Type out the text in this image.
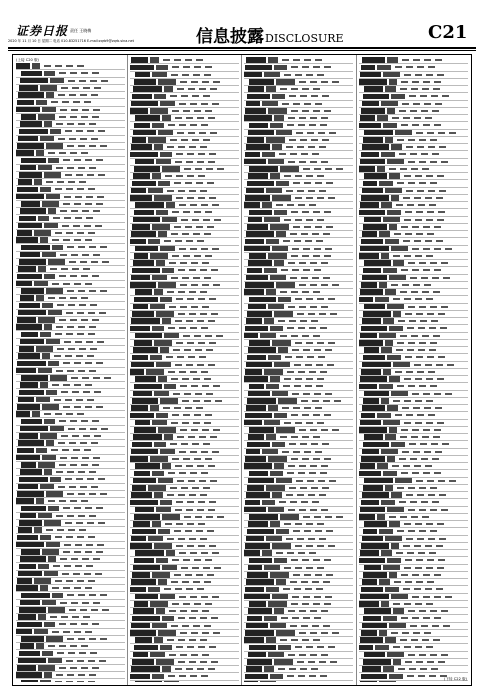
证券日报 责任 王晓梅
2020 年 11 月 10 日 星期二 电话 010-83251716 E-mail:zqrb9@zqrb.sina.net	信息披露DISCLOSURE	C21
(上接 C20 版)
(下转 C22 版)
